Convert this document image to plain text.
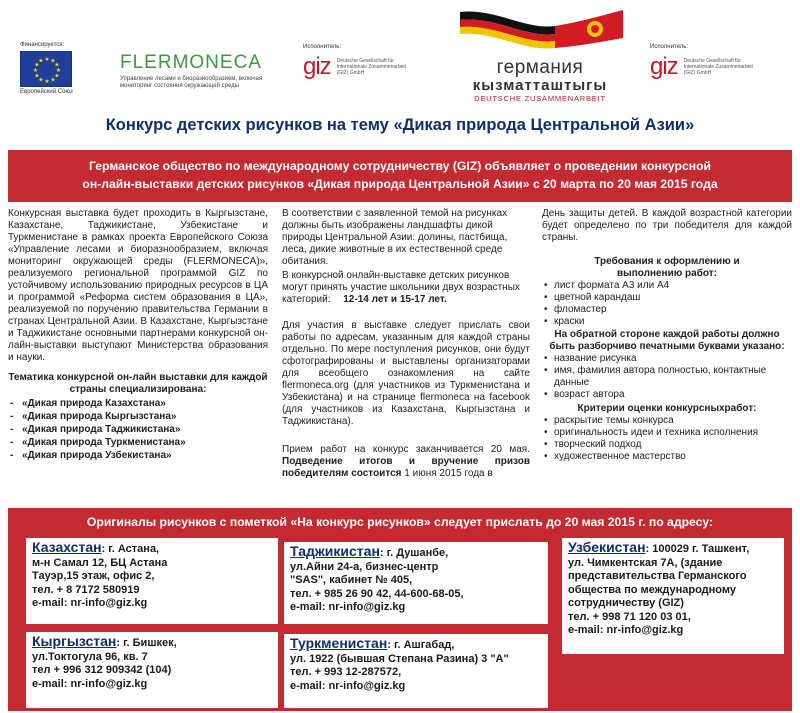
Финансируется:
★ ★
★
★
★
★
★
★
★
★
★
★
Европейский Союз
FLERMONECA
Управление лесами и биоразнообразием, включая мониторинг состояния окружающей среды
Исполнитель:
giz Deutsche Gesellschaft für Internationale Zusammenarbeit (GIZ) GmbH	германия
кызматташтыгы
DEUTSCHE ZUSAMMENARBEIT
Исполнитель:
giz Deutsche Gesellschaft für Internationale Zusammenarbeit (GIZ) GmbH
Конкурс детских рисунков на тему «Дикая природа Центральной Азии»
Германское общество по международному сотрудничеству (GIZ) объявляет о проведении конкурсной
он-лайн-выставки детских рисунков «Дикая природа Центральной Азии» с 20 марта по 20 мая 2015 года

Конкурсная выставка будет проходить в Кыргызстане, Казахстане, Таджикистане, Узбекистане и Туркменистане в рамках проекта Европейского Союза «Управление лесами и биоразнообразием, включая мониторинг окружающей среды (FLERMONECA)», реализуемого региональной программой GIZ по устойчивому использованию природных ресурсов в ЦА и программой «Реформа систем образования в ЦА», реализуемой по поручению правительства Германии в странах Центральной Азии. В Казахстане, Кыргызстане и Таджикистане основными партнерами конкурсной он-лайн-выставки выступают Министерства образования и науки.

Тематика конкурсной он-лайн выставки для каждой страны специализирована:

- «Дикая природа Казахстана»
- «Дикая природа Кыргызстана»
- «Дикая природа Таджикистана»
- «Дикая природа Туркменистана»
- «Дикая природа Узбекистана»

В соответствии с заявленной темой на рисунках должны быть изображены ландшафты дикой природы Центральной Азии: долины, пастбища, леса, дикие животные в их естественной среде обитания.

В конкурсной онлайн-выставке детских рисунков могут принять участие школьники двух возрастных категорий: 12-14 лет и 15-17 лет.

Для участия в выставке следует прислать свои работы по адресам, указанным для каждой страны отдельно. По мере поступления рисунков, они будут сфотографированы и выставлены организаторами для всеобщего ознакомления на сайте flermoneca.org (для участников из Туркменистана и Узбекистана) и на странице flermoneca на facebook (для участников из Казахстана, Кыргызстана и Таджикистана).

Прием работ на конкурс заканчивается 20 мая. Подведение итогов и вручение призов победителям состоится 1 июня 2015 года в

День защиты детей. В каждой возрастной категории будет определено по три победителя для каждой страны.

Требования к оформлению и выполнению работ:

• лист формата А3 или А4
• цветной карандаш
• фломастер
• краски

На обратной стороне каждой работы должно быть разборчиво печатными буквами указано:

• название рисунка
• имя, фамилия автора полностью, контактные данные
• возраст автора

Критерии оценки конкурсныхработ:

• раскрытие темы конкурса
• оригинальность идеи и техника исполнения
• творческий подход
• художественное мастерство
Оригиналы рисунков с пометкой «На конкурс рисунков» следует прислать до 20 мая 2015 г. по адресу:
Казахстан: г. Астана,
м-н Самал 12, БЦ Астана
Тауэр,15 этаж, офис 2,
тел. + 8 7172 580919
e-mail: nr-info@giz.kg
Кыргызстан: г. Бишкек,
ул.Токтогула 96, кв. 7
тел + 996 312 909342 (104)
e-mail: nr-info@giz.kg
Таджикистан: г. Душанбе,
ул.Айни 24-а, бизнес-центр
"SAS", кабинет № 405,
тел. + 985 26 90 42, 44-600-68-05,
e-mail: nr-info@giz.kg
Туркменистан: г. Ашгабад,
ул. 1922 (бывшая Степана Разина) 3 "А"
тел. + 993 12-287572,
e-mail: nr-info@giz.kg
Узбекистан: 100029 г. Ташкент,
ул. Чимкентская 7А, (здание
представительства Германского
общества по международному
сотрудничеству (GIZ)
тел. + 998 71 120 03 01,
e-mail: nr-info@giz.kg
